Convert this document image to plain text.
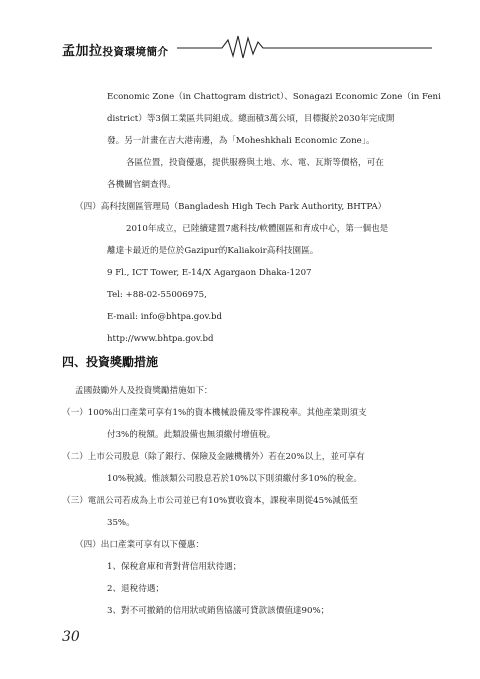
孟加拉投資環境簡介
Economic Zone（in Chattogram district）、Sonagazi Economic Zone（in Feni
district）等3個工業區共同組成。總面積3萬公頃，目標擬於2030年完成開
發。另一計畫在吉大港南邊，為「Moheshkhali Economic Zone」。
各區位置，投資優惠，提供服務與土地、水、電、瓦斯等價格，可在
各機關官網查得。
（四）高科技園區管理局（Bangladesh High Tech Park Authority, BHTPA）
2010年成立，已陸續建置7處科技/軟體園區和育成中心，第一個也是
離達卡最近的是位於Gazipur的Kaliakoir高科技園區。
9 Fl., ICT Tower, E-14/X Agargaon Dhaka-1207
Tel: +88-02-55006975,
E-mail: info@bhtpa.gov.bd
http://www.bhtpa.gov.bd
四、投資獎勵措施
孟國鼓勵外人及投資獎勵措施如下：
（一）100%出口產業可享有1%的資本機械設備及零件課稅率。其他產業則須支
付3%的稅額。此類設備也無須繳付增值稅。
（二）上市公司股息（除了銀行、保險及金融機構外）若在20%以上，並可享有
10%稅減。惟該類公司股息若於10%以下則須繳付多10%的稅金。
（三）電訊公司若成為上市公司並已有10%實收資本，課稅率則從45%減低至
35%。
（四）出口產業可享有以下優惠：
1、保稅倉庫和背對背信用狀待遇；
2、退稅待遇；
3、對不可撤銷的信用狀或銷售協議可貸款該價值達90%；
30
